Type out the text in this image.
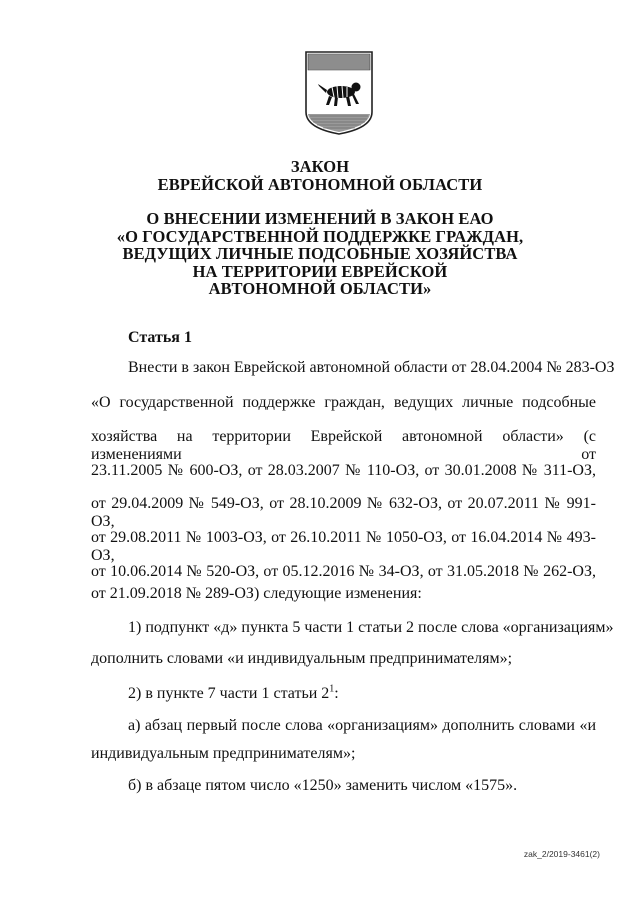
ЗАКОН
ЕВРЕЙСКОЙ АВТОНОМНОЙ ОБЛАСТИ
О ВНЕСЕНИИ ИЗМЕНЕНИЙ В ЗАКОН ЕАО
«О ГОСУДАРСТВЕННОЙ ПОДДЕРЖКЕ ГРАЖДАН,
ВЕДУЩИХ ЛИЧНЫЕ ПОДСОБНЫЕ ХОЗЯЙСТВА
НА ТЕРРИТОРИИ ЕВРЕЙСКОЙ
АВТОНОМНОЙ ОБЛАСТИ»
Статья 1
Внести в закон Еврейской автономной области от 28.04.2004 № 283-ОЗ
«О государственной поддержке граждан, ведущих личные подсобные
хозяйства на территории Еврейской автономной области» (с изменениями от
23.11.2005 № 600-ОЗ, от 28.03.2007 № 110-ОЗ, от 30.01.2008 № 311-ОЗ,
от 29.04.2009 № 549-ОЗ, от 28.10.2009 № 632-ОЗ, от 20.07.2011 № 991-ОЗ,
от 29.08.2011 № 1003-ОЗ, от 26.10.2011 № 1050-ОЗ, от 16.04.2014 № 493-ОЗ,
от 10.06.2014 № 520-ОЗ, от 05.12.2016 № 34-ОЗ, от 31.05.2018 № 262-ОЗ,
от 21.09.2018 № 289-ОЗ) следующие изменения:
1) подпункт «д» пункта 5 части 1 статьи 2 после слова «организациям»
дополнить словами «и индивидуальным предпринимателям»;
2) в пункте 7 части 1 статьи $2^1$:
а) абзац первый после слова «организациям» дополнить словами «и
индивидуальным предпринимателям»;
б) в абзаце пятом число «1250» заменить числом «1575».
zak_2/2019-3461(2)
